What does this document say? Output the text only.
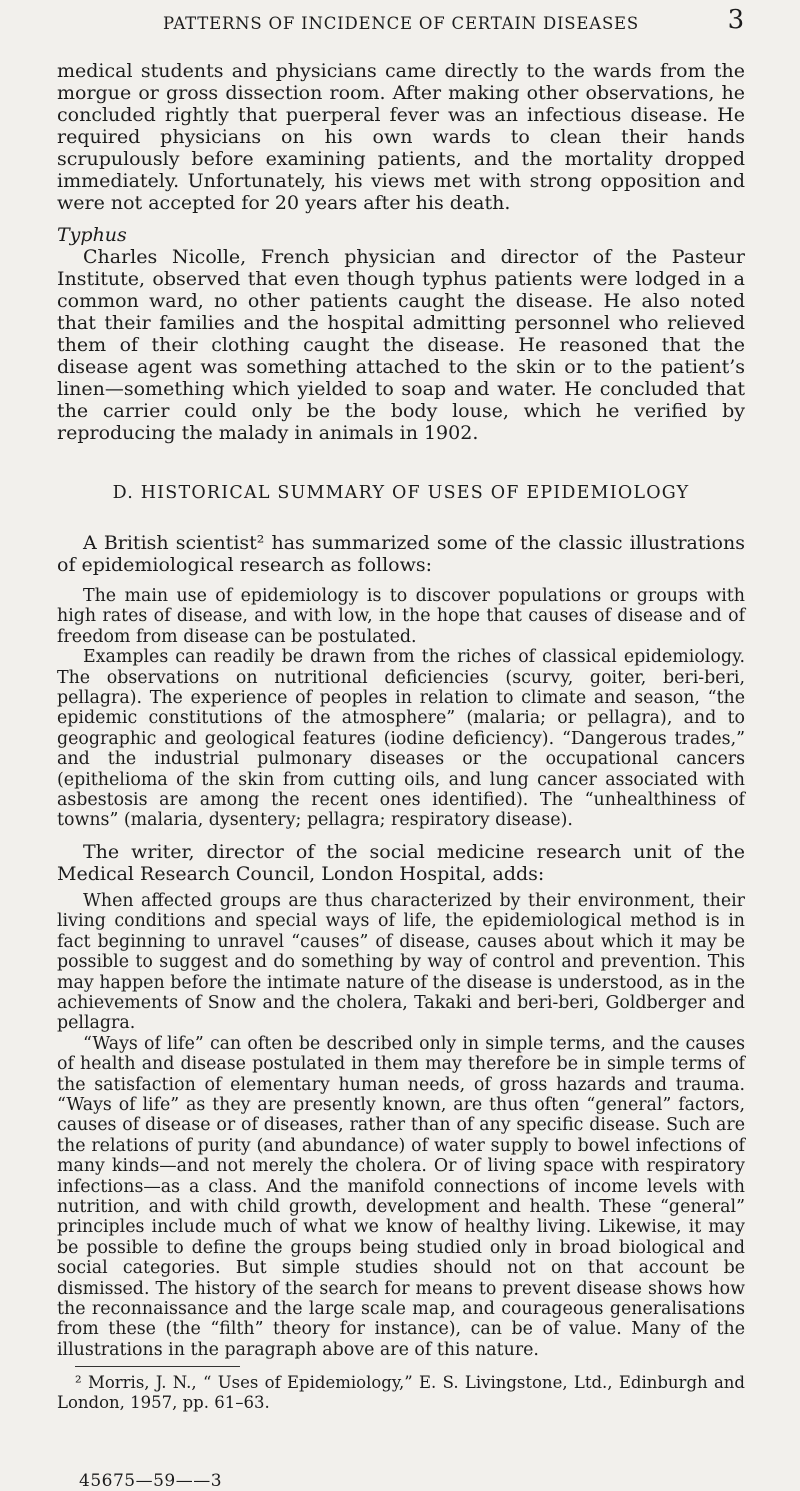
PATTERNS OF INCIDENCE OF CERTAIN DISEASES	3

medical students and physicians came directly to the wards from the morgue or gross dissection room. After making other observations, he concluded rightly that puerperal fever was an infectious disease. He required physicians on his own wards to clean their hands scrupulously before examining patients, and the mortality dropped immediately. Unfortunately, his views met with strong opposition and were not accepted for 20 years after his death.

Typhus

Charles Nicolle, French physician and director of the Pasteur Institute, observed that even though typhus patients were lodged in a common ward, no other patients caught the disease. He also noted that their families and the hospital admitting personnel who relieved them of their clothing caught the disease. He reasoned that the disease agent was something attached to the skin or to the patient’s linen—something which yielded to soap and water. He concluded that the carrier could only be the body louse, which he verified by reproducing the malady in animals in 1902.

D. HISTORICAL SUMMARY OF USES OF EPIDEMIOLOGY

A British scientist² has summarized some of the classic illustrations of epidemiological research as follows:

The main use of epidemiology is to discover populations or groups with high rates of disease, and with low, in the hope that causes of disease and of freedom from disease can be postulated.

Examples can readily be drawn from the riches of classical epidemiology. The observations on nutritional deficiencies (scurvy, goiter, beri-beri, pellagra). The experience of peoples in relation to climate and season, “the epidemic constitutions of the atmosphere” (malaria; or pellagra), and to geographic and geological features (iodine deficiency). “Dangerous trades,” and the industrial pulmonary diseases or the occupational cancers (epithelioma of the skin from cutting oils, and lung cancer associated with asbestosis are among the recent ones identified). The “unhealthiness of towns” (malaria, dysentery; pellagra; respiratory disease).

The writer, director of the social medicine research unit of the Medical Research Council, London Hospital, adds:

When affected groups are thus characterized by their environment, their living conditions and special ways of life, the epidemiological method is in fact beginning to unravel “causes” of disease, causes about which it may be possible to suggest and do something by way of control and prevention. This may happen before the intimate nature of the disease is understood, as in the achievements of Snow and the cholera, Takaki and beri-beri, Goldberger and pellagra.

“Ways of life” can often be described only in simple terms, and the causes of health and disease postulated in them may therefore be in simple terms of the satisfaction of elementary human needs, of gross hazards and trauma. “Ways of life” as they are presently known, are thus often “general” factors, causes of disease or of diseases, rather than of any specific disease. Such are the relations of purity (and abundance) of water supply to bowel infections of many kinds—and not merely the cholera. Or of living space with respiratory infections—as a class. And the manifold connections of income levels with nutrition, and with child growth, development and health. These “general” principles include much of what we know of healthy living. Likewise, it may be possible to define the groups being studied only in broad biological and social categories. But simple studies should not on that account be dismissed. The history of the search for means to prevent disease shows how the reconnaissance and the large scale map, and courageous generalisations from these (the “filth” theory for instance), can be of value. Many of the illustrations in the paragraph above are of this nature.

² Morris, J. N., “ Uses of Epidemiology,” E. S. Livingstone, Ltd., Edinburgh and London, 1957, pp. 61–63.

45675—59——3
